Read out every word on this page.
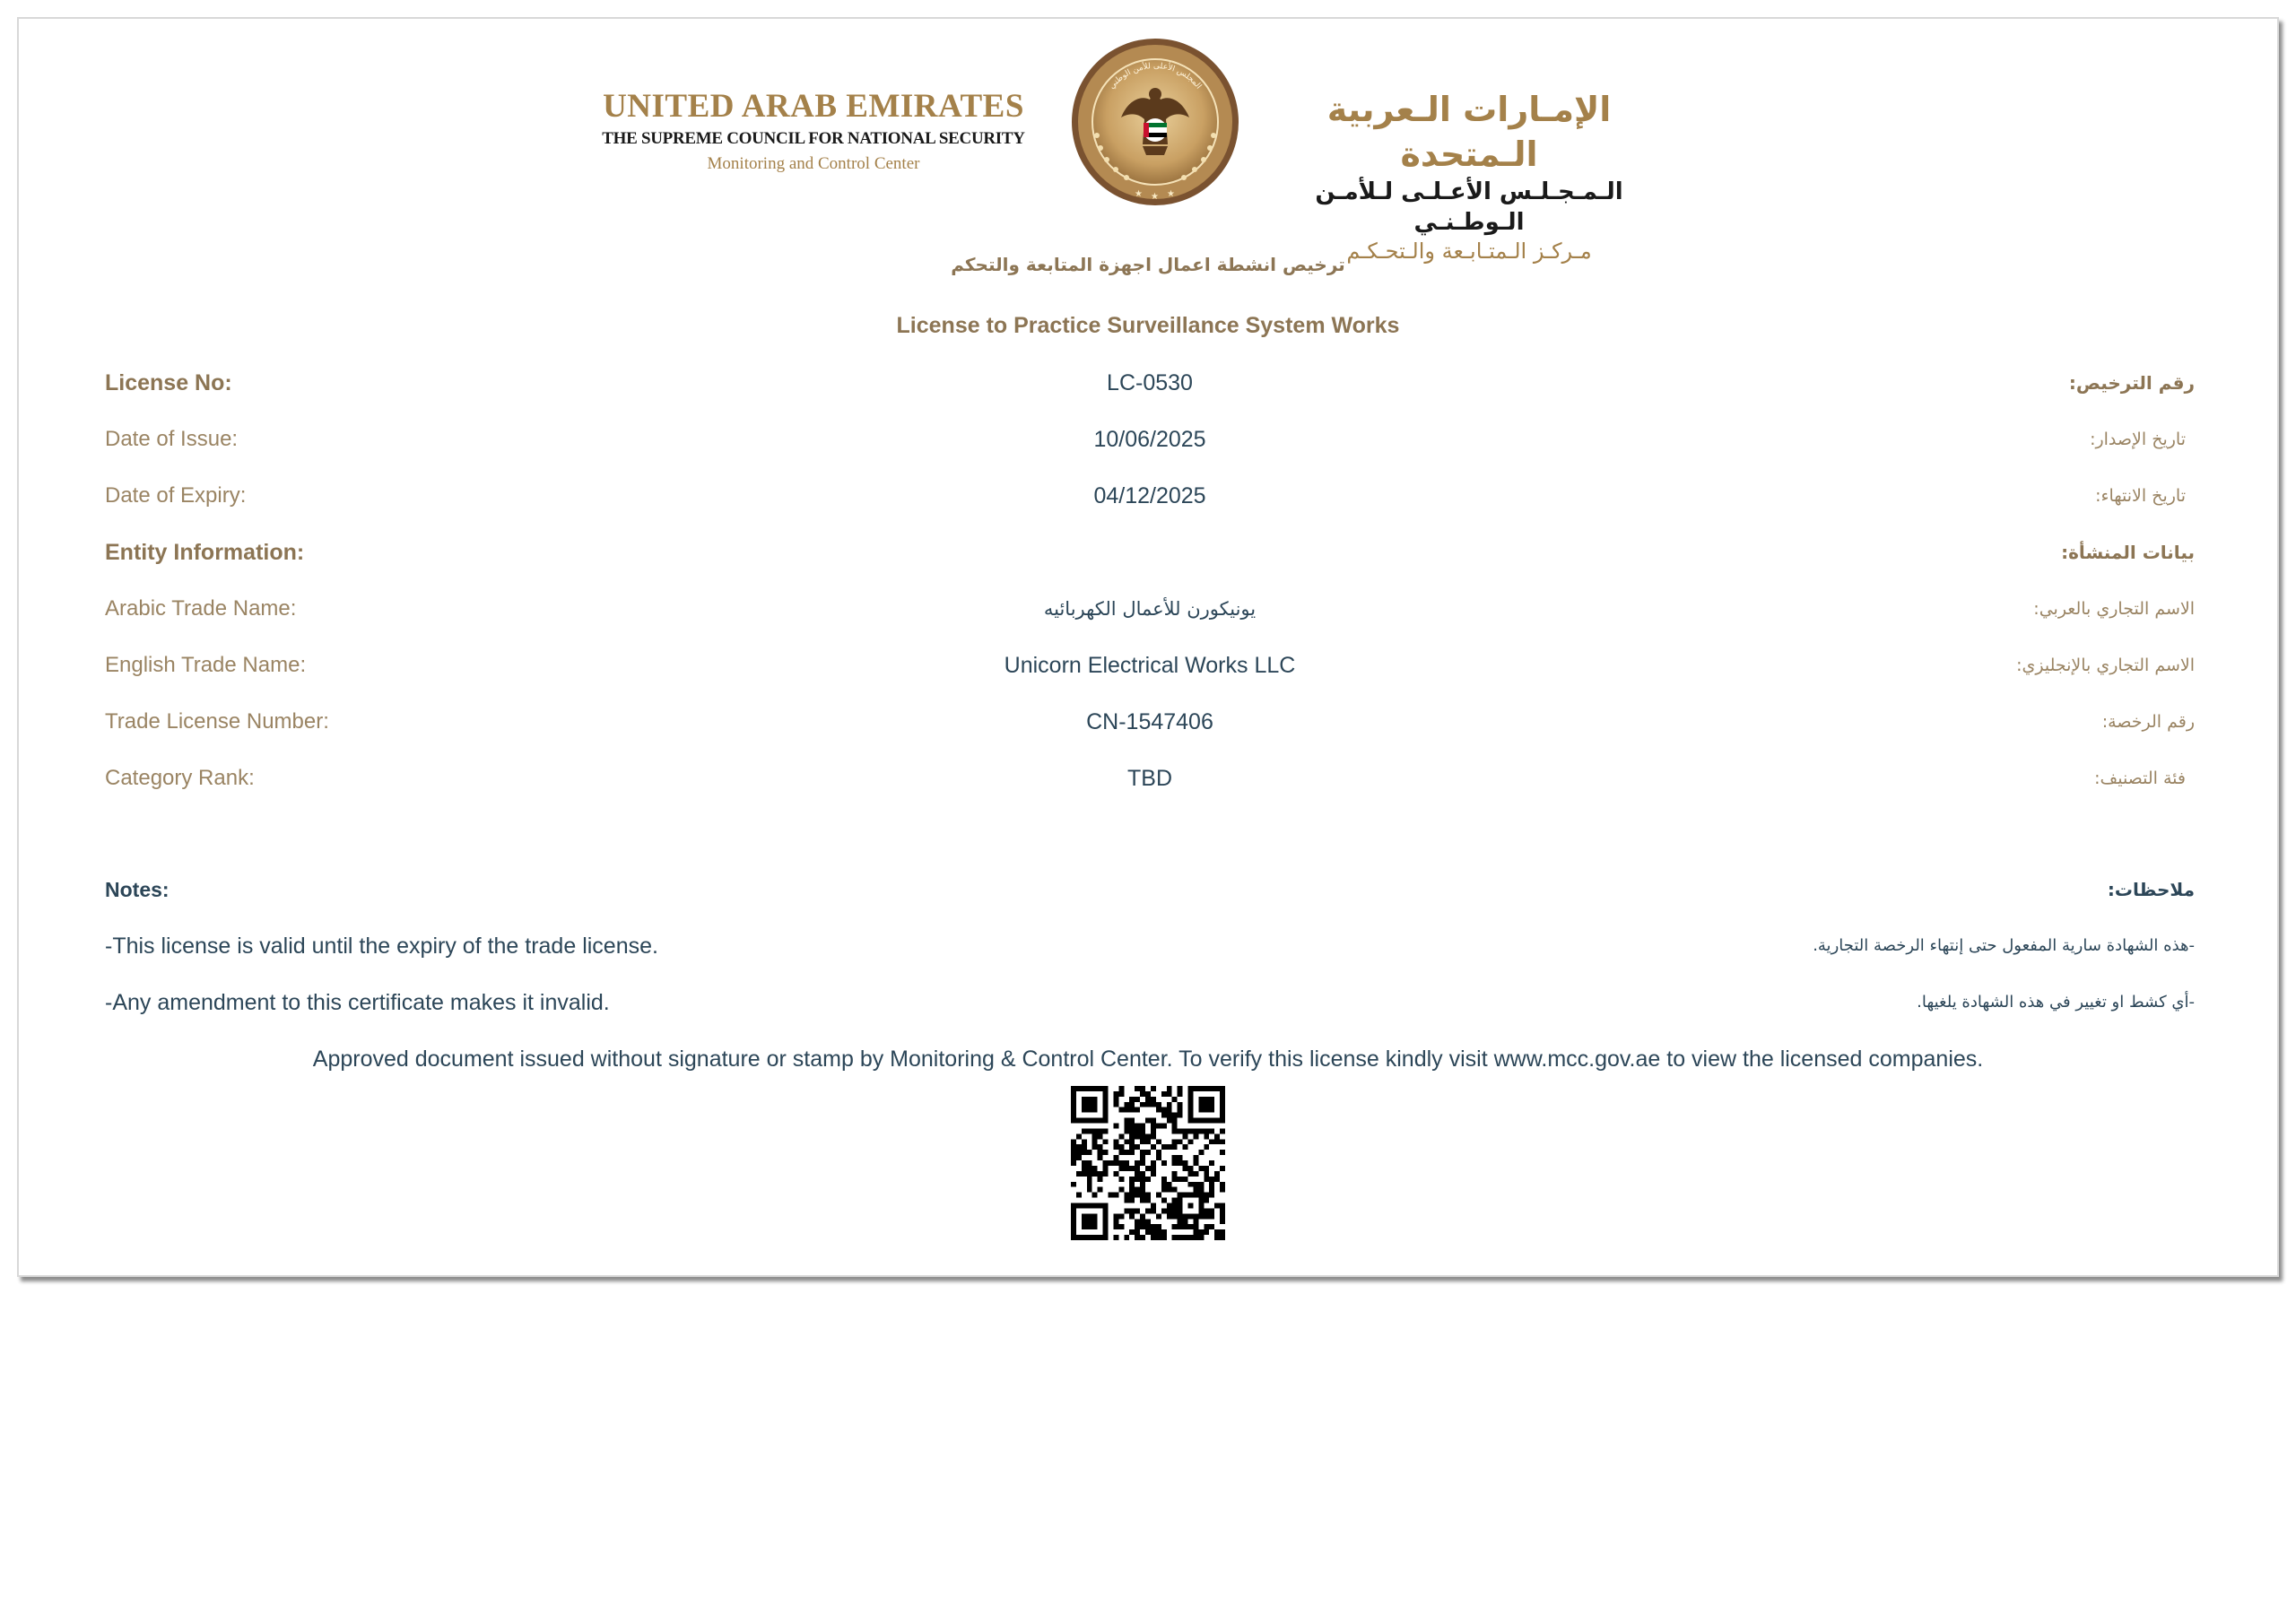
UNITED ARAB EMIRATES
THE SUPREME COUNCIL FOR NATIONAL SECURITY
Monitoring and Control Center
★ ★ ★
المجلس الأعلى للأمن الوطني
الإمـارات الـعربية الـمتحدة
الـمـجـلـس الأعـلـى لـلأمـن الـوطـنـي
مـركـز الـمتـابـعة والـتحـكـم
ترخيص انشطة اعمال اجهزة المتابعة والتحكم
License to Practice Surveillance System Works
License No:	LC-0530	رقم الترخيص:
Date of Issue:	10/06/2025	تاريخ الإصدار:
Date of Expiry:	04/12/2025	تاريخ الانتهاء:
Entity Information:	بيانات المنشأة:
Arabic Trade Name:	يونيكورن للأعمال الكهربائيه	الاسم التجاري بالعربي:
English Trade Name:	Unicorn Electrical Works LLC	الاسم التجاري بالإنجليزي:
Trade License Number:	CN-1547406	رقم الرخصة:
Category Rank:	TBD	فئة التصنيف:
Notes:	ملاحظات:
-This license is valid until the expiry of the trade license.	-هذه الشهادة سارية المفعول حتى إنتهاء الرخصة التجارية.
-Any amendment to this certificate makes it invalid.	-أي كشط او تغيير في هذه الشهادة يلغيها.
Approved document issued without signature or stamp by Monitoring & Control Center. To verify this license kindly visit www.mcc.gov.ae to view the licensed companies.
